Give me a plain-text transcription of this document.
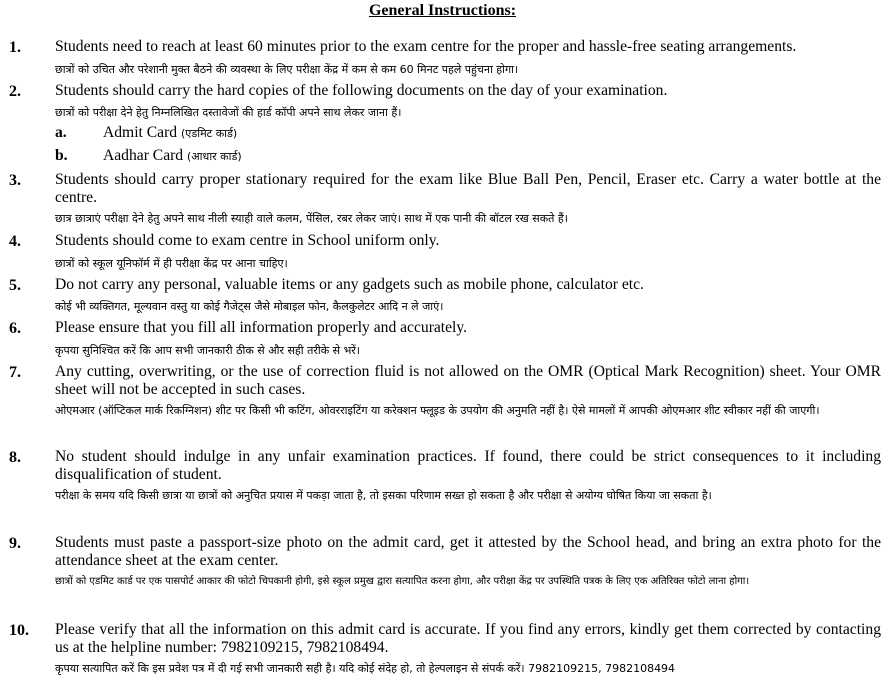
General Instructions:
1. Students need to reach at least 60 minutes prior to the exam centre for the proper and hassle-free seating arrangements.
छात्रों को उचित और परेशानी मुक्त बैठने की व्यवस्था के लिए परीक्षा केंद्र में कम से कम 60 मिनट पहले पहुंचना होगा।
2. Students should carry the hard copies of the following documents on the day of your examination.
छात्रों को परीक्षा देने हेतु निम्नलिखित दस्तावेजों की हार्ड कॉपी अपने साथ लेकर जाना हैं।
a. Admit Card (एडमिट कार्ड)
b. Aadhar Card (आधार कार्ड)
3. Students should carry proper stationary required for the exam like Blue Ball Pen, Pencil, Eraser etc. Carry a water bottle at the centre.
छात्र छात्राएं परीक्षा देने हेतु अपने साथ नीली स्याही वाले कलम, पेंसिल, रबर लेकर जाएं। साथ में एक पानी की बॉटल रख सकते हैं।
4. Students should come to exam centre in School uniform only.
छात्रों को स्कूल यूनिफॉर्म में ही परीक्षा केंद्र पर आना चाहिए।
5. Do not carry any personal, valuable items or any gadgets such as mobile phone, calculator etc.
कोई भी व्यक्तिगत, मूल्यवान वस्तु या कोई गैजेट्स जैसे मोबाइल फोन, कैलकुलेटर आदि न ले जाएं।
6. Please ensure that you fill all information properly and accurately.
कृपया सुनिश्चित करें कि आप सभी जानकारी ठीक से और सही तरीके से भरें।
7. Any cutting, overwriting, or the use of correction fluid is not allowed on the OMR (Optical Mark Recognition) sheet. Your OMR sheet will not be accepted in such cases.
ओएमआर (ऑप्टिकल मार्क रिकग्निशन) शीट पर किसी भी कटिंग, ओवरराइटिंग या करेक्शन फ्लूइड के उपयोग की अनुमति नहीं है। ऐसे मामलों में आपकी ओएमआर शीट स्वीकार नहीं की जाएगी।
8. No student should indulge in any unfair examination practices. If found, there could be strict consequences to it including disqualification of student.
परीक्षा के समय यदि किसी छात्रा या छात्रों को अनुचित प्रयास में पकड़ा जाता है, तो इसका परिणाम सख्त हो सकता है और परीक्षा से अयोग्य घोषित किया जा सकता है।
9. Students must paste a passport-size photo on the admit card, get it attested by the School head, and bring an extra photo for the attendance sheet at the exam center.
छात्रों को एडमिट कार्ड पर एक पासपोर्ट आकार की फोटो चिपकानी होगी, इसे स्कूल प्रमुख द्वारा सत्यापित करना होगा, और परीक्षा केंद्र पर उपस्थिति पत्रक के लिए एक अतिरिक्त फोटो लाना होगा।
10. Please verify that all the information on this admit card is accurate. If you find any errors, kindly get them corrected by contacting us at the helpline number: 7982109215, 7982108494.
कृपया सत्यापित करें कि इस प्रवेश पत्र में दी गई सभी जानकारी सही है। यदि कोई संदेह हो, तो हेल्पलाइन से संपर्क करें। 7982109215, 7982108494
